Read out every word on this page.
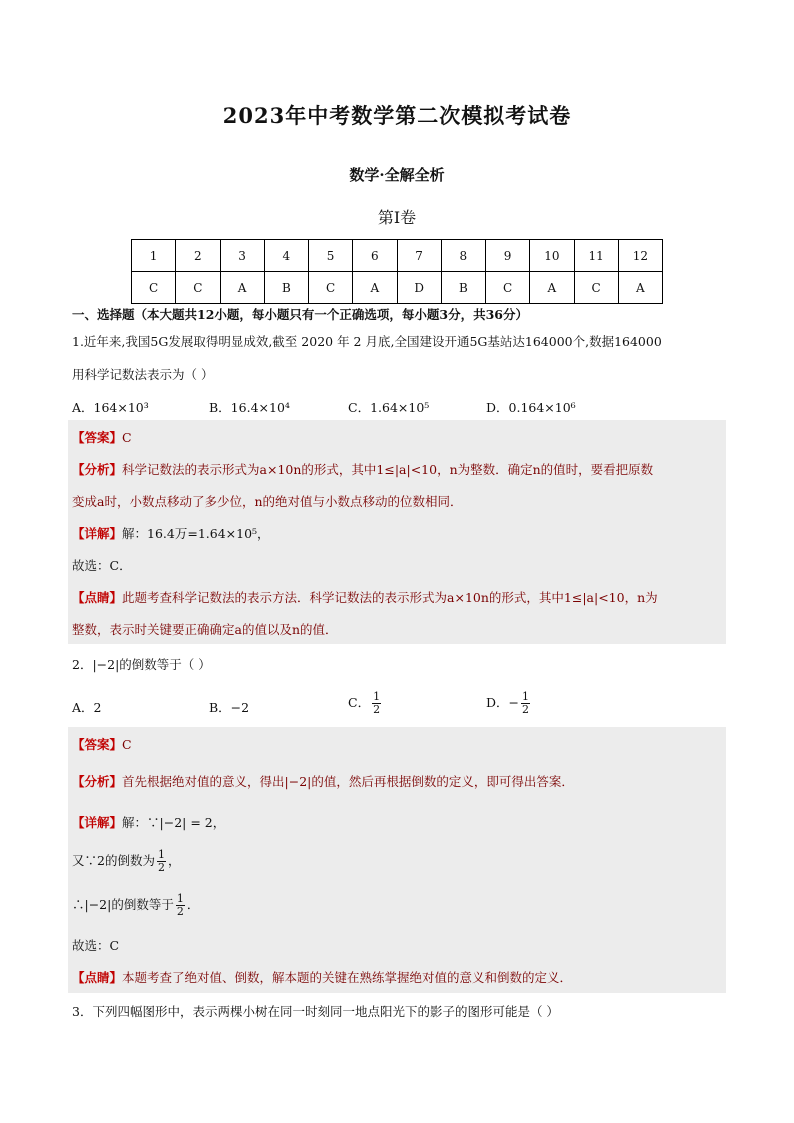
2023年中考数学第二次模拟考试卷
数学·全解全析
第Ⅰ卷
1	2	3	4	5	6	7	8	9	10	11	12
C	C	A	B	C	A	D	B	C	A	C	A
一、选择题（本大题共12小题，每小题只有一个正确选项，每小题3分，共36分）
1.近年来,我国5G发展取得明显成效,截至 2020 年 2 月底,全国建设开通5G基站达164000个,数据164000
用科学记数法表示为（ ）
A．164×10³	B．16.4×10⁴	C．1.64×10⁵	D．0.164×10⁶
【答案】C
【分析】科学记数法的表示形式为a×10n的形式，其中1≤|a|<10，n为整数．确定n的值时，要看把原数
变成a时，小数点移动了多少位，n的绝对值与小数点移动的位数相同．
【详解】解：16.4万=1.64×10⁵，
故选：C．
【点睛】此题考查科学记数法的表示方法．科学记数法的表示形式为a×10n的形式，其中1≤|a|<10，n为
整数，表示时关键要正确确定a的值以及n的值．
2．|−2|的倒数等于（ ）
A．2	B．−2	C． $\frac{1}{2}$	D．− $\frac{1}{2}$
【答案】C
【分析】首先根据绝对值的意义，得出|−2|的值，然后再根据倒数的定义，即可得出答案．
【详解】解：∵|−2| = 2，
又∵2的倒数为 $\frac{1}{2}$ ，
∴|−2|的倒数等于 $\frac{1}{2}$ ．
故选：C
【点睛】本题考查了绝对值、倒数，解本题的关键在熟练掌握绝对值的意义和倒数的定义．
3．下列四幅图形中，表示两棵小树在同一时刻同一地点阳光下的影子的图形可能是（ ）
